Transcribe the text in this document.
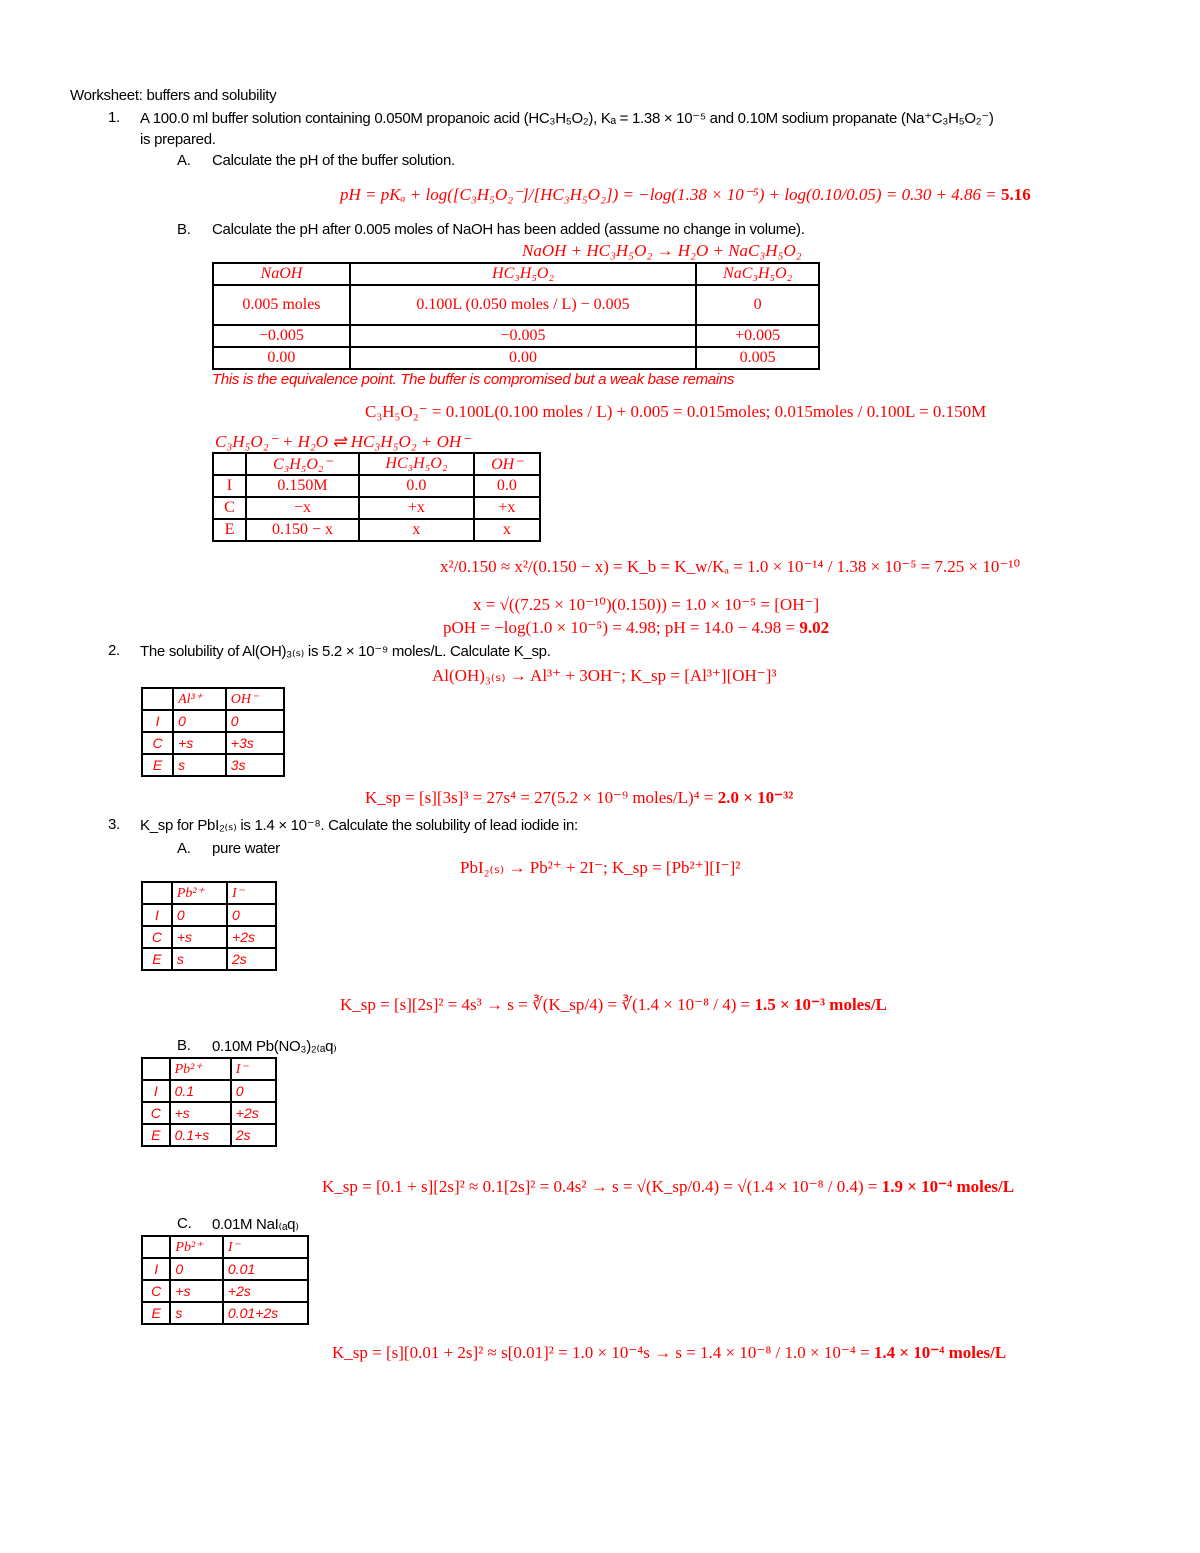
Worksheet: buffers and solubility
1. A 100.0 ml buffer solution containing 0.050M propanoic acid (HC₃H₅O₂), Kₐ = 1.38 × 10⁻⁵ and 0.10M sodium propanate (Na⁺C₃H₅O₂⁻)
is prepared.
A. Calculate the pH of the buffer solution.
pH = pKₐ + log([C₃H₅O₂⁻]/[HC₃H₅O₂]) = −log(1.38 × 10⁻⁵) + log(0.10/0.05) = 0.30 + 4.86 = 5.16
B. Calculate the pH after 0.005 moles of NaOH has been added (assume no change in volume).
NaOH + HC₃H₅O₂ → H₂O + NaC₃H₅O₂
NaOH	HC₃H₅O₂	NaC₃H₅O₂
0.005 moles	0.100L (0.050 moles / L) − 0.005	0
−0.005	−0.005	+0.005
0.00	0.00	0.005
This is the equivalence point. The buffer is compromised but a weak base remains
C₃H₅O₂⁻ = 0.100L(0.100 moles / L) + 0.005 = 0.015moles; 0.015moles / 0.100L = 0.150M
C₃H₅O₂⁻ + H₂O ⇌ HC₃H₅O₂ + OH⁻
	C₃H₅O₂⁻	HC₃H₅O₂	OH⁻
I	0.150M	0.0	0.0
C	−x	+x	+x
E	0.150 − x	x	x
x²/0.150 ≈ x²/(0.150 − x) = K_b = K_w/Kₐ = 1.0 × 10⁻¹⁴ / 1.38 × 10⁻⁵ = 7.25 × 10⁻¹⁰
x = √((7.25 × 10⁻¹⁰)(0.150)) = 1.0 × 10⁻⁵ = [OH⁻]
pOH = −log(1.0 × 10⁻⁵) = 4.98; pH = 14.0 − 4.98 = 9.02
2. The solubility of Al(OH)₃₍ₛ₎ is 5.2 × 10⁻⁹ moles/L. Calculate K_sp.
Al(OH)₃₍ₛ₎ → Al³⁺ + 3OH⁻; K_sp = [Al³⁺][OH⁻]³
	Al³⁺	OH⁻
I	0	0
C	+s	+3s
E	s	3s
K_sp = [s][3s]³ = 27s⁴ = 27(5.2 × 10⁻⁹ moles/L)⁴ = 2.0 × 10⁻³²
3. K_sp for PbI₂₍ₛ₎ is 1.4 × 10⁻⁸. Calculate the solubility of lead iodide in:
A. pure water
PbI₂₍ₛ₎ → Pb²⁺ + 2I⁻; K_sp = [Pb²⁺][I⁻]²
	Pb²⁺	I⁻
I	0	0
C	+s	+2s
E	s	2s
K_sp = [s][2s]² = 4s³ → s = ∛(K_sp/4) = ∛(1.4 × 10⁻⁸ / 4) = 1.5 × 10⁻³ moles/L
B. 0.10M Pb(NO₃)₂₍ₐq₎
	Pb²⁺	I⁻
I	0.1	0
C	+s	+2s
E	0.1+s	2s
K_sp = [0.1 + s][2s]² ≈ 0.1[2s]² = 0.4s² → s = √(K_sp/0.4) = √(1.4 × 10⁻⁸ / 0.4) = 1.9 × 10⁻⁴ moles/L
C. 0.01M NaI₍ₐq₎
	Pb²⁺	I⁻
I	0	0.01
C	+s	+2s
E	s	0.01+2s
K_sp = [s][0.01 + 2s]² ≈ s[0.01]² = 1.0 × 10⁻⁴s → s = 1.4 × 10⁻⁸ / 1.0 × 10⁻⁴ = 1.4 × 10⁻⁴ moles/L
